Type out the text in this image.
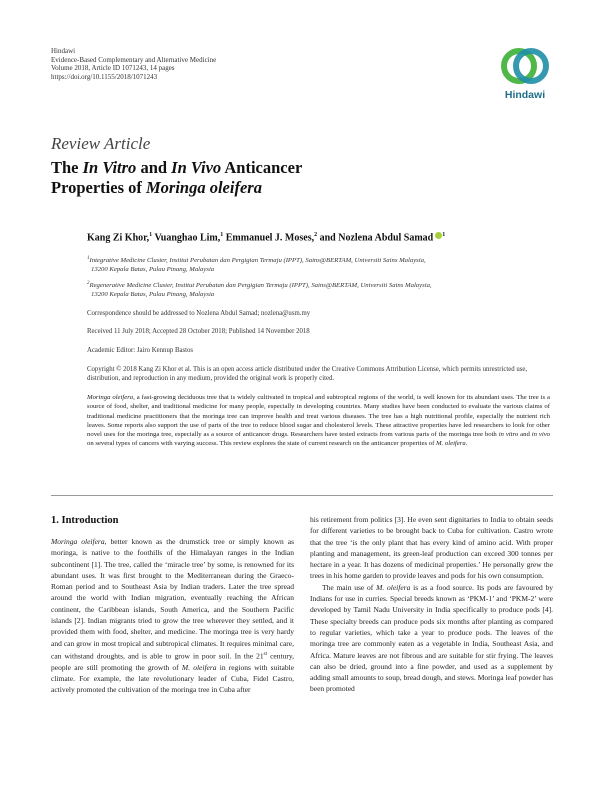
Hindawi
Evidence-Based Complementary and Alternative Medicine
Volume 2018, Article ID 1071243, 14 pages
https://doi.org/10.1155/2018/1071243
Hindawi
Review Article
The In Vitro and In Vivo Anticancer
Properties of Moringa oleifera
Kang Zi Khor,$^1$ Vuanghao Lim,$^1$ Emmanuel J. Moses,$^2$ and Nozlena Abdul Samad $^1$
$^1$Integrative Medicine Cluster, Institut Perubatan dan Pergigian Termaju (IPPT), Sains@BERTAM, Universiti Sains Malaysia,
13200 Kepala Batas, Pulau Pinang, Malaysia
$^2$Regenerative Medicine Cluster, Institut Perubatan dan Pergigian Termaju (IPPT), Sains@BERTAM, Universiti Sains Malaysia,
13200 Kepala Batas, Pulau Pinang, Malaysia
Correspondence should be addressed to Nozlena Abdul Samad; nozlena@usm.my
Received 11 July 2018; Accepted 28 October 2018; Published 14 November 2018
Academic Editor: Jairo Kennup Bastos
Copyright © 2018 Kang Zi Khor et al. This is an open access article distributed under the Creative Commons Attribution License, which permits unrestricted use, distribution, and reproduction in any medium, provided the original work is properly cited.
Moringa oleifera, a fast-growing deciduous tree that is widely cultivated in tropical and subtropical regions of the world, is well known for its abundant uses. The tree is a source of food, shelter, and traditional medicine for many people, especially in developing countries. Many studies have been conducted to evaluate the various claims of traditional medicine practitioners that the moringa tree can improve health and treat various diseases. The tree has a high nutritional profile, especially the nutrient rich leaves. Some reports also support the use of parts of the tree to reduce blood sugar and cholesterol levels. These attractive properties have led researchers to look for other novel uses for the moringa tree, especially as a source of anticancer drugs. Researchers have tested extracts from various parts of the moringa tree both in vitro and in vivo on several types of cancers with varying success. This review explores the state of current research on the anticancer properties of M. oleifera.
1. Introduction

Moringa oleifera, better known as the drumstick tree or simply known as moringa, is native to the foothills of the Himalayan ranges in the Indian subcontinent [1]. The tree, called the ‘miracle tree’ by some, is renowned for its abundant uses. It was first brought to the Mediterranean during the Graeco-Roman period and to Southeast Asia by Indian traders. Later the tree spread around the world with Indian migration, eventually reaching the African continent, the Caribbean islands, South America, and the Southern Pacific islands [2]. Indian migrants tried to grow the tree wherever they settled, and it provided them with food, shelter, and medicine. The moringa tree is very hardy and can grow in most tropical and subtropical climates. It requires minimal care, can withstand droughts, and is able to grow in poor soil. In the 21st century, people are still promoting the growth of M. oleifera in regions with suitable climate. For example, the late revolutionary leader of Cuba, Fidel Castro, actively promoted the cultivation of the moringa tree in Cuba after

his retirement from politics [3]. He even sent dignitaries to India to obtain seeds for different varieties to be brought back to Cuba for cultivation. Castro wrote that the tree ‘is the only plant that has every kind of amino acid. With proper planting and management, its green-leaf production can exceed 300 tonnes per hectare in a year. It has dozens of medicinal properties.’ He personally grew the trees in his home garden to provide leaves and pods for his own consumption.

The main use of M. oleifera is as a food source. Its pods are favoured by Indians for use in curries. Special breeds known as ‘PKM-1’ and ‘PKM-2’ were developed by Tamil Nadu University in India specifically to produce pods [4]. These specialty breeds can produce pods six months after planting as compared to regular varieties, which take a year to produce pods. The leaves of the moringa tree are commonly eaten as a vegetable in India, Southeast Asia, and Africa. Mature leaves are not fibrous and are suitable for stir frying. The leaves can also be dried, ground into a fine powder, and used as a supplement by adding small amounts to soup, bread dough, and stews. Moringa leaf powder has been promoted
